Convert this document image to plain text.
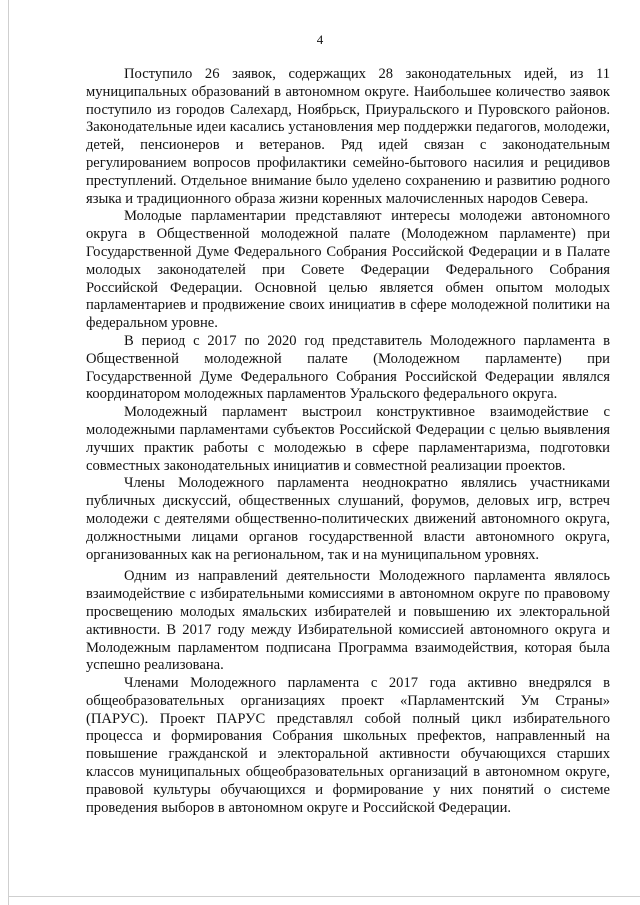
4

Поступило 26 заявок, содержащих 28 законодательных идей, из 11 муниципальных образований в автономном округе. Наибольшее количество заявок поступило из городов Салехард, Ноябрьск, Приуральского и Пуровского районов. Законодательные идеи касались установления мер поддержки педагогов, молодежи, детей, пенсионеров и ветеранов. Ряд идей связан с законодательным регулированием вопросов профилактики семейно-бытового насилия и рецидивов преступлений. Отдельное внимание было уделено сохранению и развитию родного языка и традиционного образа жизни коренных малочисленных народов Севера.

Молодые парламентарии представляют интересы молодежи автономного округа в Общественной молодежной палате (Молодежном парламенте) при Государственной Думе Федерального Собрания Российской Федерации и в Палате молодых законодателей при Совете Федерации Федерального Собрания Российской Федерации. Основной целью является обмен опытом молодых парламентариев и продвижение своих инициатив в сфере молодежной политики на федеральном уровне.

В период с 2017 по 2020 год представитель Молодежного парламента в Общественной молодежной палате (Молодежном парламенте) при Государственной Думе Федерального Собрания Российской Федерации являлся координатором молодежных парламентов Уральского федерального округа.

Молодежный парламент выстроил конструктивное взаимодействие с молодежными парламентами субъектов Российской Федерации с целью выявления лучших практик работы с молодежью в сфере парламентаризма, подготовки совместных законодательных инициатив и совместной реализации проектов.

Члены Молодежного парламента неоднократно являлись участниками публичных дискуссий, общественных слушаний, форумов, деловых игр, встреч молодежи с деятелями общественно-политических движений автономного округа, должностными лицами органов государственной власти автономного округа, организованных как на региональном, так и на муниципальном уровнях.

Одним из направлений деятельности Молодежного парламента являлось взаимодействие с избирательными комиссиями в автономном округе по правовому просвещению молодых ямальских избирателей и повышению их электоральной активности. В 2017 году между Избирательной комиссией автономного округа и Молодежным парламентом подписана Программа взаимодействия, которая была успешно реализована.

Членами Молодежного парламента с 2017 года активно внедрялся в общеобразовательных организациях проект «Парламентский Ум Страны» (ПАРУС). Проект ПАРУС представлял собой полный цикл избирательного процесса и формирования Собрания школьных префектов, направленный на повышение гражданской и электоральной активности обучающихся старших классов муниципальных общеобразовательных организаций в автономном округе, правовой культуры обучающихся и формирование у них понятий о системе проведения выборов в автономном округе и Российской Федерации.
